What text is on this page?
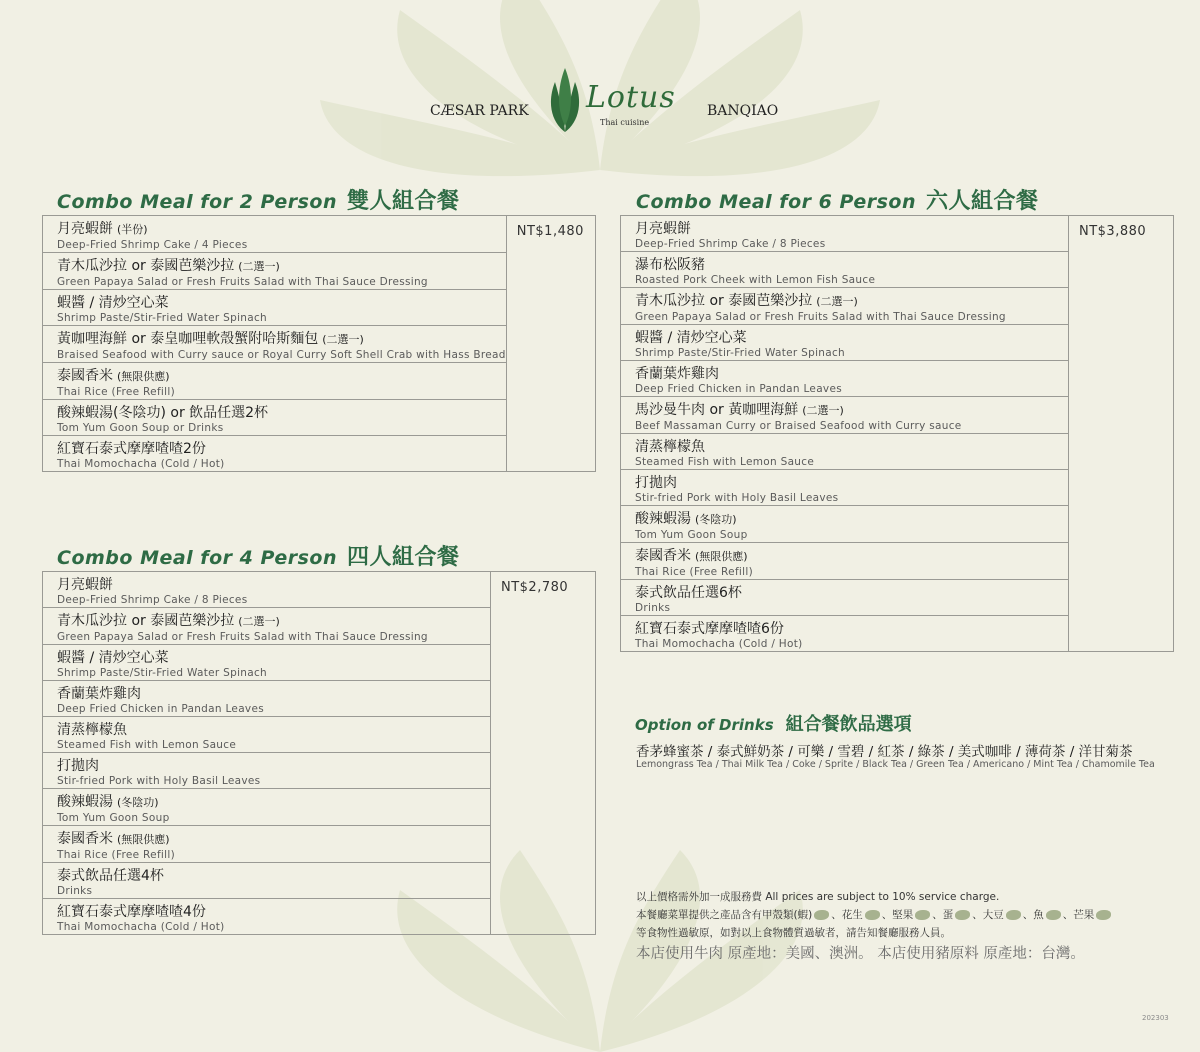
CÆSAR PARK Lotus
Thai cuisine
BANQIAO
Combo Meal for 2 Person 雙人組合餐
月亮蝦餅 (半份)
Deep-Fried Shrimp Cake / 4 Pieces
	NT$1,480

青木瓜沙拉 or 泰國芭樂沙拉 (二選一)
Green Papaya Salad or Fresh Fruits Salad with Thai Sauce Dressing

蝦醬 / 清炒空心菜
Shrimp Paste/Stir-Fried Water Spinach

黃咖哩海鮮 or 泰皇咖哩軟殼蟹附哈斯麵包 (二選一)
Braised Seafood with Curry sauce or Royal Curry Soft Shell Crab with Hass Bread

泰國香米 (無限供應)
Thai Rice (Free Refill)

酸辣蝦湯(冬陰功) or 飲品任選2杯
Tom Yum Goon Soup or Drinks

紅寶石泰式摩摩喳喳2份
Thai Momochacha (Cold / Hot)
Combo Meal for 4 Person 四人組合餐
月亮蝦餅
Deep-Fried Shrimp Cake / 8 Pieces
	NT$2,780

青木瓜沙拉 or 泰國芭樂沙拉 (二選一)
Green Papaya Salad or Fresh Fruits Salad with Thai Sauce Dressing

蝦醬 / 清炒空心菜
Shrimp Paste/Stir-Fried Water Spinach

香蘭葉炸雞肉
Deep Fried Chicken in Pandan Leaves

清蒸檸檬魚
Steamed Fish with Lemon Sauce

打拋肉
Stir-fried Pork with Holy Basil Leaves

酸辣蝦湯 (冬陰功)
Tom Yum Goon Soup

泰國香米 (無限供應)
Thai Rice (Free Refill)

泰式飲品任選4杯
Drinks

紅寶石泰式摩摩喳喳4份
Thai Momochacha (Cold / Hot)
Combo Meal for 6 Person 六人組合餐
月亮蝦餅
Deep-Fried Shrimp Cake / 8 Pieces
	NT$3,880

瀑布松阪豬
Roasted Pork Cheek with Lemon Fish Sauce

青木瓜沙拉 or 泰國芭樂沙拉 (二選一)
Green Papaya Salad or Fresh Fruits Salad with Thai Sauce Dressing

蝦醬 / 清炒空心菜
Shrimp Paste/Stir-Fried Water Spinach

香蘭葉炸雞肉
Deep Fried Chicken in Pandan Leaves

馬沙曼牛肉 or 黃咖哩海鮮 (二選一)
Beef Massaman Curry or Braised Seafood with Curry sauce

清蒸檸檬魚
Steamed Fish with Lemon Sauce

打拋肉
Stir-fried Pork with Holy Basil Leaves

酸辣蝦湯 (冬陰功)
Tom Yum Goon Soup

泰國香米 (無限供應)
Thai Rice (Free Refill)

泰式飲品任選6杯
Drinks

紅寶石泰式摩摩喳喳6份
Thai Momochacha (Cold / Hot)
Option of Drinks 組合餐飲品選項
香茅蜂蜜茶 / 泰式鮮奶茶 / 可樂 / 雪碧 / 紅茶 / 綠茶 / 美式咖啡 / 薄荷茶 / 洋甘菊茶
Lemongrass Tea / Thai Milk Tea / Coke / Sprite / Black Tea / Green Tea / Americano / Mint Tea / Chamomile Tea
以上價格需外加一成服務費 All prices are subject to 10% service charge.
本餐廳菜單提供之產品含有甲殼類(蝦) 、花生 、堅果 、蛋 、大豆 、魚 、芒果
等食物性過敏原，如對以上食物體質過敏者，請告知餐廳服務人員。
本店使用牛肉 原產地：美國、澳洲。 本店使用豬原料 原產地：台灣。
202303
